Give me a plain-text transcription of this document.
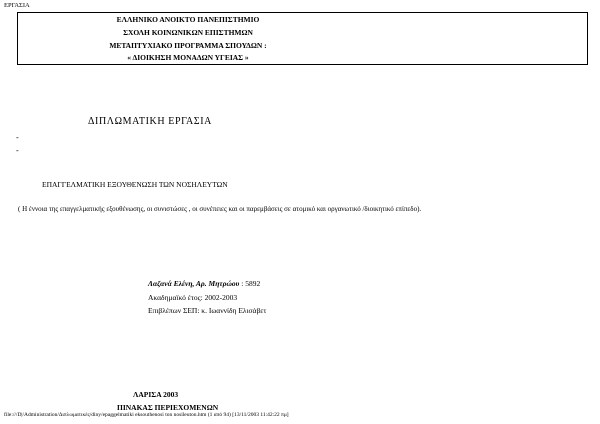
ΕΡΓΑΣΙΑ
ΕΛΛΗΝΙΚΟ ΑΝΟΙΚΤΟ ΠΑΝΕΠΙΣΤΗΜΙΟ
ΣΧΟΛΗ ΚΟΙΝΩΝΙΚΩΝ ΕΠΙΣΤΗΜΩΝ
ΜΕΤΑΠΤΥΧΙΑΚΟ ΠΡΟΓΡΑΜΜΑ ΣΠΟΥΔΩΝ :
« ΔΙΟΙΚΗΣΗ ΜΟΝΑΔΩΝ ΥΓΕΙΑΣ »
ΔΙΠΛΩΜΑΤΙΚΗ ΕΡΓΑΣΙΑ
-
-
ΕΠΑΓΓΕΛΜΑΤΙΚΗ ΕΞΟΥΘΕΝΩΣΗ ΤΩΝ ΝΟΣΗΛΕΥΤΩΝ
( Η έννοια της επαγγελματικής εξουθένωσης, οι συνιστώσες , οι συνέπειες και οι παρεμβάσεις σε ατομικό και οργανωτικό /διοικητικό επίπεδο).
Λαζανά Ελένη, Αρ. Μητρώου : 5892
Ακαδημαϊκό έτος: 2002-2003
Επιβλέπων ΣΕΠ: κ. Ιωαννίδη Ελισάβετ
ΛΑΡΙΣΑ 2003
ΠΙΝΑΚΑΣ ΠΕΡΙΕΧΟΜΕΝΩΝ
file:///D|/Administration/Διπλωματικές/diny/epaggelmatiki eksouthenosi ton nosileuton.htm (1 από 94) [13/11/2003 11:42:22 πμ]
